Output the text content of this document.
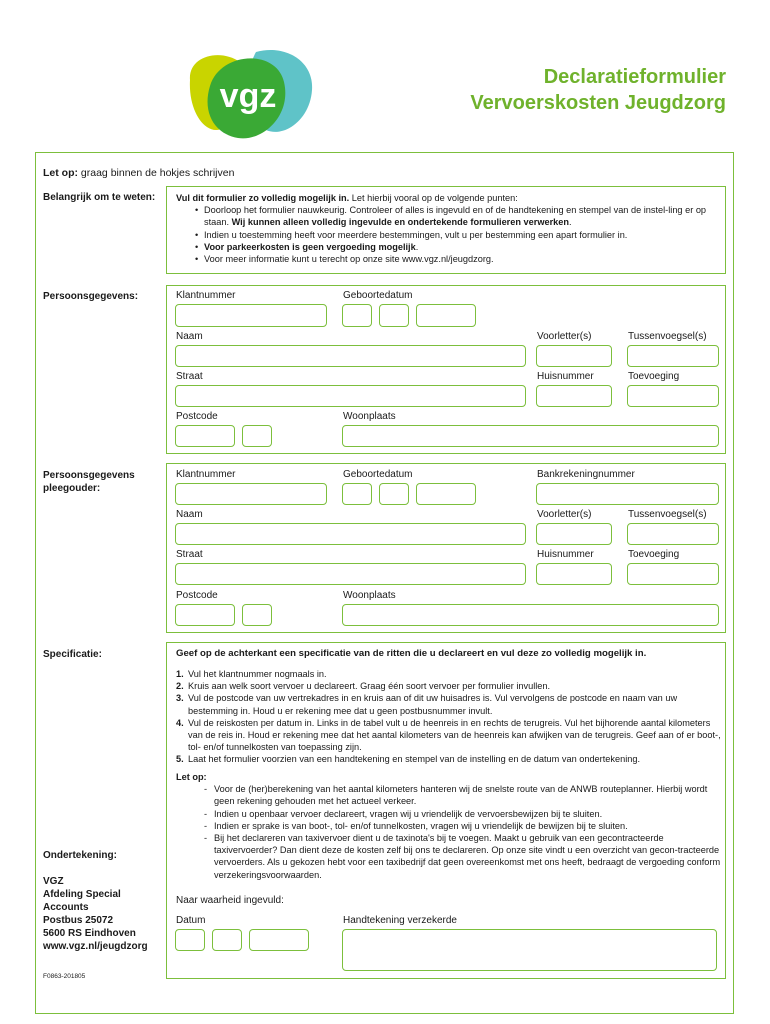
vgz	Declaratieformulier
Vervoerskosten Jeugdzorg
Let op: graag binnen de hokjes schrijven
Belangrijk om te weten: Vul dit formulier zo volledig mogelijk in. Let hierbij vooral op de volgende punten:
• Doorloop het formulier nauwkeurig. Controleer of alles is ingevuld en of de handtekening en stempel van de instel-ling er op staan. Wij kunnen alleen volledig ingevulde en ondertekende formulieren verwerken.
• Indien u toestemming heeft voor meerdere bestemmingen, vult u per bestemming een apart formulier in.
• Voor parkeerkosten is geen vergoeding mogelijk.
• Voor meer informatie kunt u terecht op onze site www.vgz.nl/jeugdzorg.
Persoonsgegevens:	Klantnummer	Geboortedatum
Naam	Voorletter(s)	Tussenvoegsel(s)
Straat	Huisnummer	Toevoeging
Postcode	Woonplaats
Persoonsgegevens
pleegouder:
Klantnummer	Geboortedatum	Bankrekeningnummer
Naam	Voorletter(s)	Tussenvoegsel(s)
Straat	Huisnummer	Toevoeging
Postcode	Woonplaats
Specificatie:	Geef op de achterkant een specificatie van de ritten die u declareert en vul deze zo volledig mogelijk in.
1. Vul het klantnummer nogmaals in.
2. Kruis aan welk soort vervoer u declareert. Graag één soort vervoer per formulier invullen.
3. Vul de postcode van uw vertrekadres in en kruis aan of dit uw huisadres is. Vul vervolgens de postcode en naam van uw bestemming in. Houd u er rekening mee dat u geen postbusnummer invult.
4. Vul de reiskosten per datum in. Links in de tabel vult u de heenreis in en rechts de terugreis. Vul het bijhorende aantal kilometers van de reis in. Houd er rekening mee dat het aantal kilometers van de heenreis kan afwijken van de terugreis. Geef aan of er boot-, tol- en/of tunnelkosten van toepassing zijn.
5. Laat het formulier voorzien van een handtekening en stempel van de instelling en de datum van ondertekening.
Let op:
- Voor de (her)berekening van het aantal kilometers hanteren wij de snelste route van de ANWB routeplanner. Hierbij wordt geen rekening gehouden met het actueel verkeer.
- Indien u openbaar vervoer declareert, vragen wij u vriendelijk de vervoersbewijzen bij te sluiten.
- Indien er sprake is van boot-, tol- en/of tunnelkosten, vragen wij u vriendelijk de bewijzen bij te sluiten.
- Bij het declareren van taxivervoer dient u de taxinota's bij te voegen. Maakt u gebruik van een gecontracteerde taxivervoerder? Dan dient deze de kosten zelf bij ons te declareren. Op onze site vindt u een overzicht van gecon-tracteerde vervoerders. Als u gekozen hebt voor een taxibedrijf dat geen overeenkomst met ons heeft, bedraagt de vergoeding conform verzekeringsvoorwaarden.
Naar waarheid ingevuld:
Datum	Handtekening verzekerde
Ondertekening:
VGZ
Afdeling Special
Accounts
Postbus 25072
5600 RS Eindhoven
www.vgz.nl/jeugdzorg
F0863-201805
